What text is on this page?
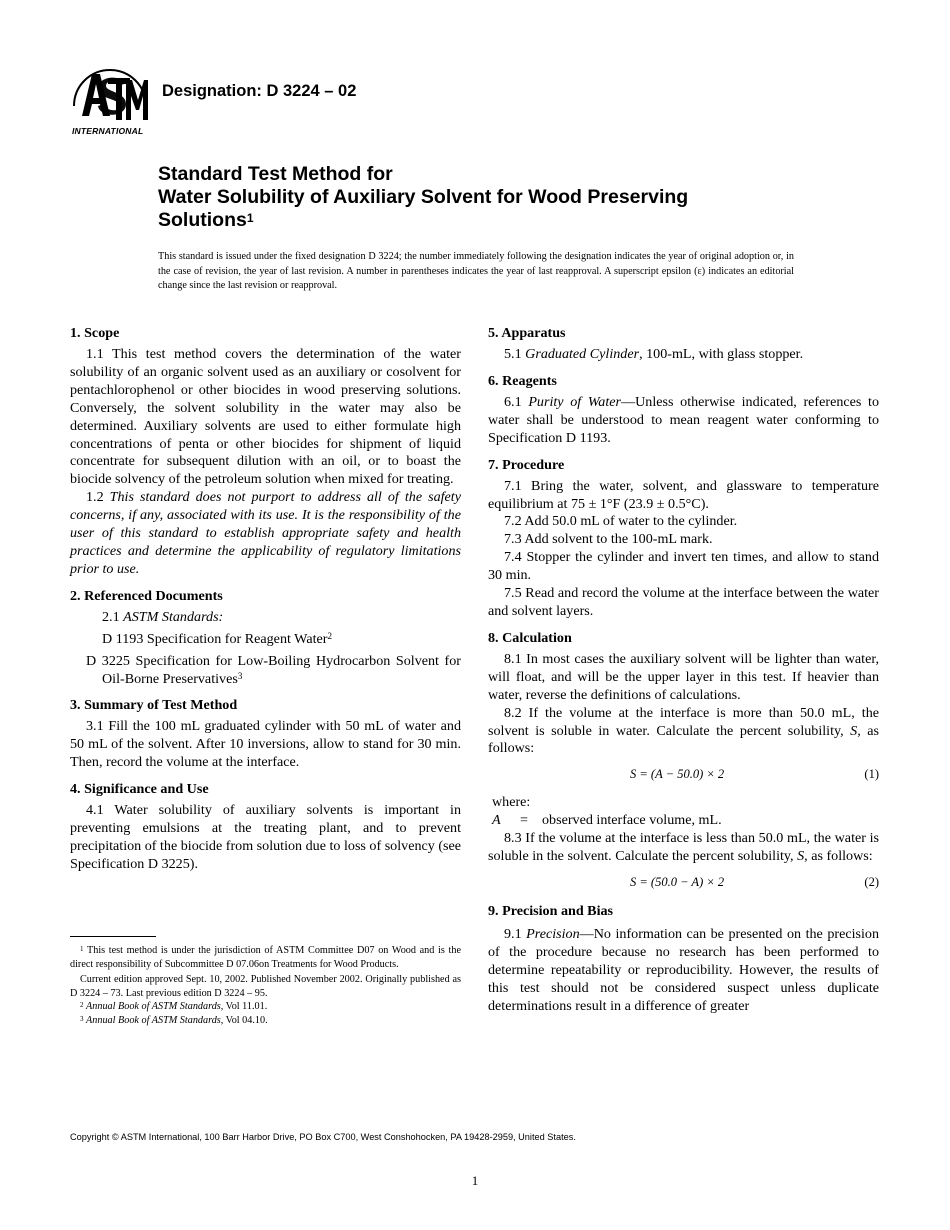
INTERNATIONAL
Designation: D 3224 – 02
Standard Test Method for
Water Solubility of Auxiliary Solvent for Wood Preserving
Solutions$^1$
This standard is issued under the fixed designation D 3224; the number immediately following the designation indicates the year of original adoption or, in the case of revision, the year of last revision. A number in parentheses indicates the year of last reapproval. A superscript epsilon (ε) indicates an editorial change since the last revision or reapproval.
1. Scope

1.1 This test method covers the determination of the water solubility of an organic solvent used as an auxiliary or cosolvent for pentachlorophenol or other biocides in wood preserving solutions. Conversely, the solvent solubility in the water may also be determined. Auxiliary solvents are used to either formulate high concentrations of penta or other biocides for shipment of liquid concentrate for subsequent dilution with an oil, or to boast the biocide solvency of the petroleum solution when mixed for treating.

1.2 This standard does not purport to address all of the safety concerns, if any, associated with its use. It is the responsibility of the user of this standard to establish appropriate safety and health practices and determine the applicability of regulatory limitations prior to use.

2. Referenced Documents

2.1 ASTM Standards:

D 1193 Specification for Reagent Water$^2$

D 3225 Specification for Low-Boiling Hydrocarbon Solvent for Oil-Borne Preservatives$^3$

3. Summary of Test Method

3.1 Fill the 100 mL graduated cylinder with 50 mL of water and 50 mL of the solvent. After 10 inversions, allow to stand for 30 min. Then, record the volume at the interface.

4. Significance and Use

4.1 Water solubility of auxiliary solvents is important in preventing emulsions at the treating plant, and to prevent precipitation of the biocide from solution due to loss of solvency (see Specification D 3225).

5. Apparatus

5.1 Graduated Cylinder, 100-mL, with glass stopper.

6. Reagents

6.1 Purity of Water—Unless otherwise indicated, references to water shall be understood to mean reagent water conforming to Specification D 1193.

7. Procedure

7.1 Bring the water, solvent, and glassware to temperature equilibrium at 75 ± 1°F (23.9 ± 0.5°C).

7.2 Add 50.0 mL of water to the cylinder.

7.3 Add solvent to the 100-mL mark.

7.4 Stopper the cylinder and invert ten times, and allow to stand 30 min.

7.5 Read and record the volume at the interface between the water and solvent layers.

8. Calculation

8.1 In most cases the auxiliary solvent will be lighter than water, will float, and will be the upper layer in this test. If heavier than water, reverse the definitions of calculations.

8.2 If the volume at the interface is more than 50.0 mL, the solvent is soluble in water. Calculate the percent solubility, S, as follows:

S = (A − 50.0) × 2	(1)
where:
A	= observed interface volume, mL.

8.3 If the volume at the interface is less than 50.0 mL, the water is soluble in the solvent. Calculate the percent solubility, S, as follows:

S = (50.0 − A) × 2	(2)
9. Precision and Bias

9.1 Precision—No information can be presented on the precision of the procedure because no research has been performed to determine repeatability or reproducibility. However, the results of this test should not be considered suspect unless duplicate determinations result in a difference of greater

$^1$ This test method is under the jurisdiction of ASTM Committee D07 on Wood and is the direct responsibility of Subcommittee D 07.06on Treatments for Wood Products.

Current edition approved Sept. 10, 2002. Published November 2002. Originally published as D 3224 – 73. Last previous edition D 3224 – 95.

$^2$ Annual Book of ASTM Standards, Vol 11.01.

$^3$ Annual Book of ASTM Standards, Vol 04.10.

Copyright © ASTM International, 100 Barr Harbor Drive, PO Box C700, West Conshohocken, PA 19428-2959, United States.
1
